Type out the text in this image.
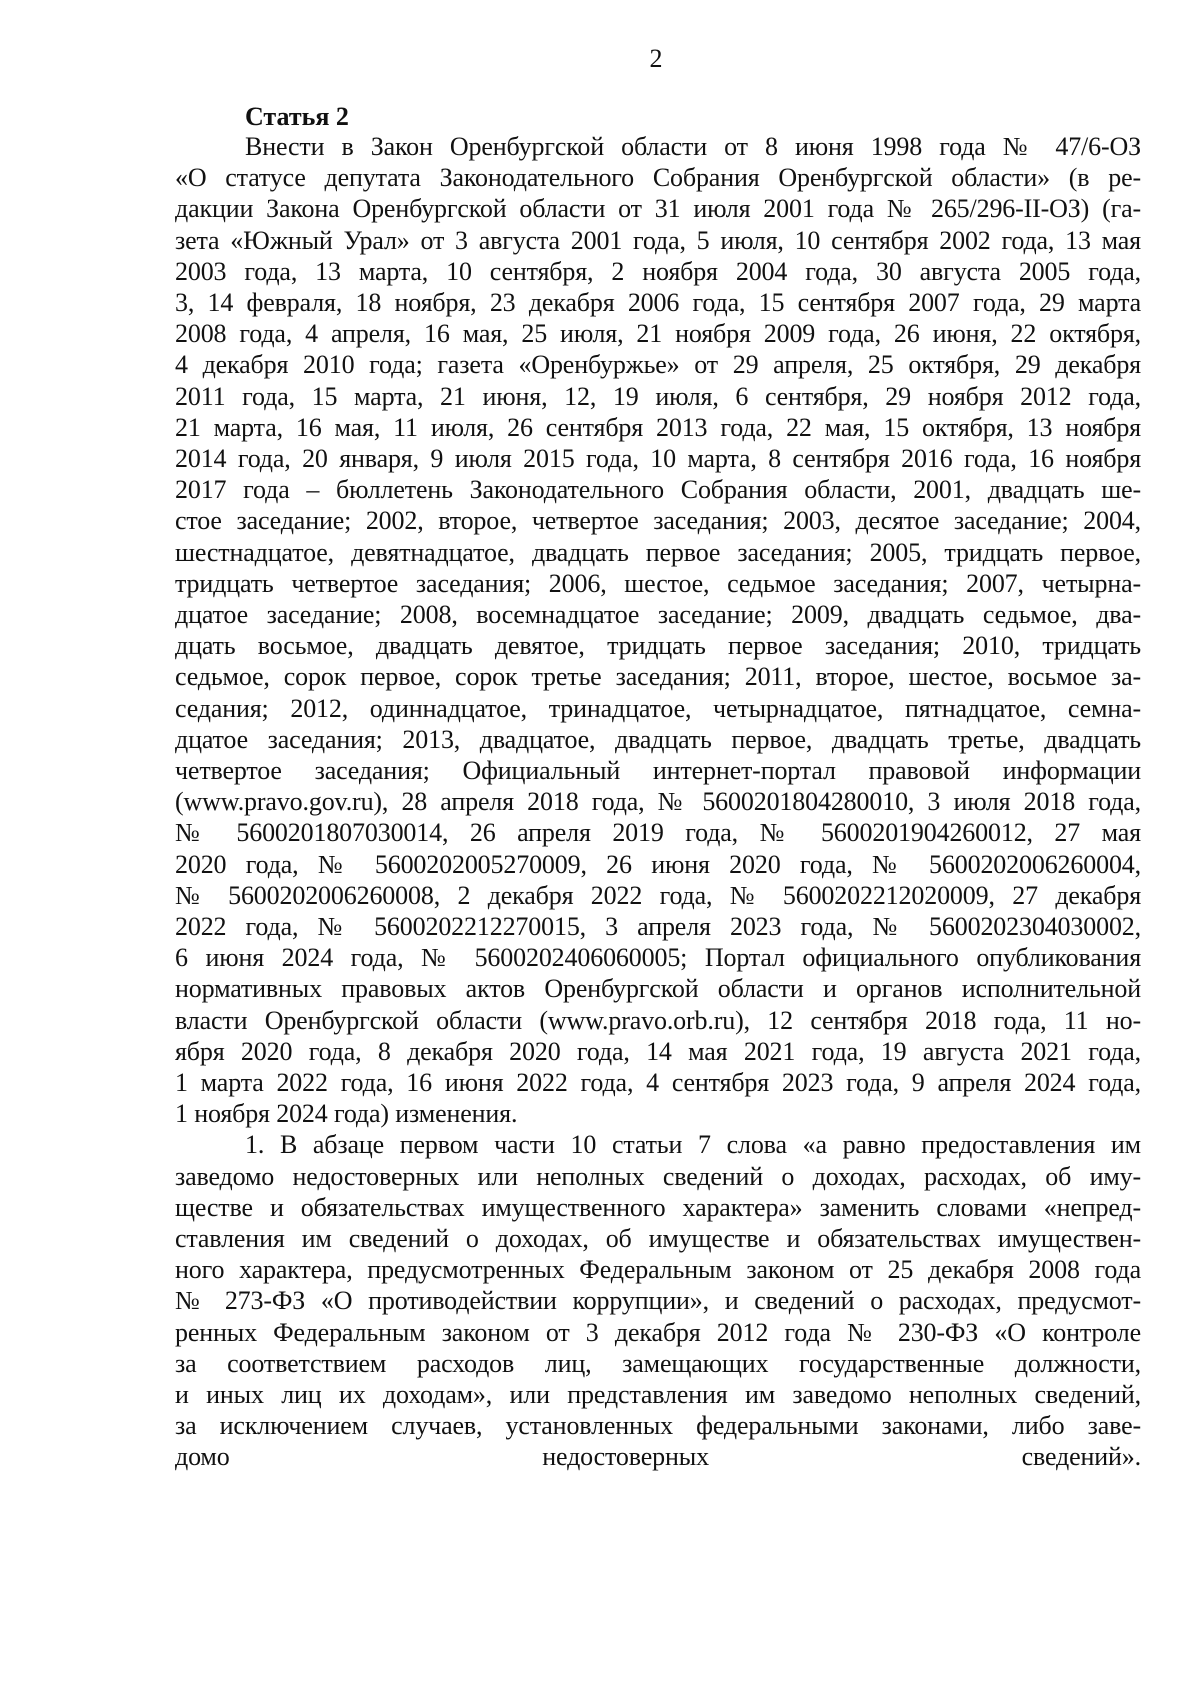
2
Статья 2
Внести в Закон Оренбургской области от 8 июня 1998 года № 47/6-ОЗ
«О статусе депутата Законодательного Собрания Оренбургской области» (в ре-
дакции Закона Оренбургской области от 31 июля 2001 года № 265/296-II-ОЗ) (га-
зета «Южный Урал» от 3 августа 2001 года, 5 июля, 10 сентября 2002 года, 13 мая
2003 года, 13 марта, 10 сентября, 2 ноября 2004 года, 30 августа 2005 года,
3, 14 февраля, 18 ноября, 23 декабря 2006 года, 15 сентября 2007 года, 29 марта
2008 года, 4 апреля, 16 мая, 25 июля, 21 ноября 2009 года, 26 июня, 22 октября,
4 декабря 2010 года; газета «Оренбуржье» от 29 апреля, 25 октября, 29 декабря
2011 года, 15 марта, 21 июня, 12, 19 июля, 6 сентября, 29 ноября 2012 года,
21 марта, 16 мая, 11 июля, 26 сентября 2013 года, 22 мая, 15 октября, 13 ноября
2014 года, 20 января, 9 июля 2015 года, 10 марта, 8 сентября 2016 года, 16 ноября
2017 года – бюллетень Законодательного Собрания области, 2001, двадцать ше-
стое заседание; 2002, второе, четвертое заседания; 2003, десятое заседание; 2004,
шестнадцатое, девятнадцатое, двадцать первое заседания; 2005, тридцать первое,
тридцать четвертое заседания; 2006, шестое, седьмое заседания; 2007, четырна-
дцатое заседание; 2008, восемнадцатое заседание; 2009, двадцать седьмое, два-
дцать восьмое, двадцать девятое, тридцать первое заседания; 2010, тридцать
седьмое, сорок первое, сорок третье заседания; 2011, второе, шестое, восьмое за-
седания; 2012, одиннадцатое, тринадцатое, четырнадцатое, пятнадцатое, семна-
дцатое заседания; 2013, двадцатое, двадцать первое, двадцать третье, двадцать
четвертое заседания; Официальный интернет-портал правовой информации
(www.pravo.gov.ru), 28 апреля 2018 года, № 5600201804280010, 3 июля 2018 года,
№ 5600201807030014, 26 апреля 2019 года, № 5600201904260012, 27 мая
2020 года, № 5600202005270009, 26 июня 2020 года, № 5600202006260004,
№ 5600202006260008, 2 декабря 2022 года, № 5600202212020009, 27 декабря
2022 года, № 5600202212270015, 3 апреля 2023 года, № 5600202304030002,
6 июня 2024 года, № 5600202406060005; Портал официального опубликования
нормативных правовых актов Оренбургской области и органов исполнительной
власти Оренбургской области (www.pravo.orb.ru), 12 сентября 2018 года, 11 но-
ября 2020 года, 8 декабря 2020 года, 14 мая 2021 года, 19 августа 2021 года,
1 марта 2022 года, 16 июня 2022 года, 4 сентября 2023 года, 9 апреля 2024 года,
1 ноября 2024 года) изменения.
1. В абзаце первом части 10 статьи 7 слова «а равно предоставления им
заведомо недостоверных или неполных сведений о доходах, расходах, об иму-
ществе и обязательствах имущественного характера» заменить словами «непред-
ставления им сведений о доходах, об имуществе и обязательствах имуществен-
ного характера, предусмотренных Федеральным законом от 25 декабря 2008 года
№ 273-ФЗ «О противодействии коррупции», и сведений о расходах, предусмот-
ренных Федеральным законом от 3 декабря 2012 года № 230-ФЗ «О контроле
за соответствием расходов лиц, замещающих государственные должности,
и иных лиц их доходам», или представления им заведомо неполных сведений,
за исключением случаев, установленных федеральными законами, либо заве-
домо недостоверных сведений».
